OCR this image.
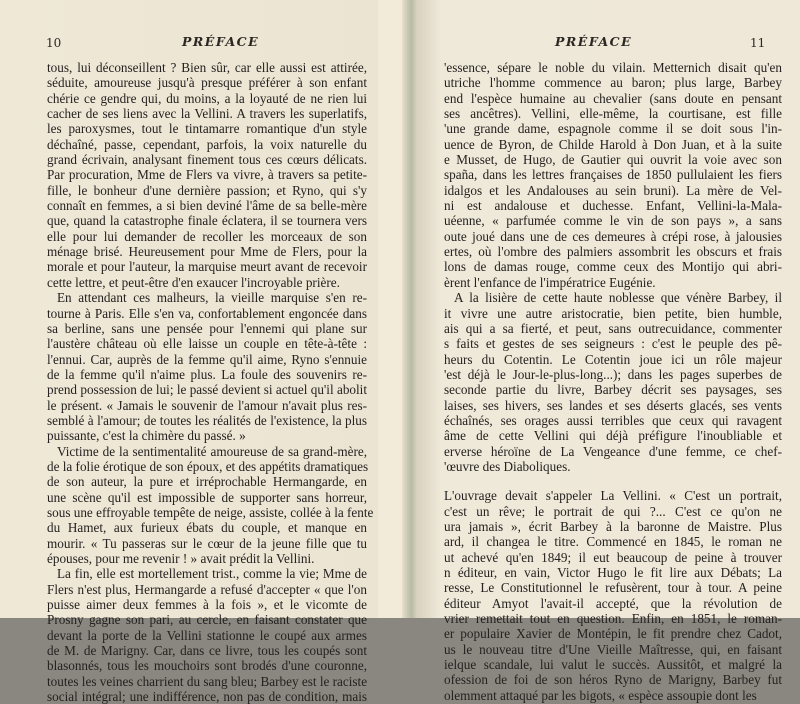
10	PRÉFACE
tous, lui déconseillent ? Bien sûr, car elle aussi est attirée,
séduite, amoureuse jusqu'à presque préférer à son enfant
chérie ce gendre qui, du moins, a la loyauté de ne rien lui
cacher de ses liens avec la Vellini. A travers les superlatifs,
les paroxysmes, tout le tintamarre romantique d'un style
déchaîné, passe, cependant, parfois, la voix naturelle du
grand écrivain, analysant finement tous ces cœurs délicats.
Par procuration, Mme de Flers va vivre, à travers sa petite-
fille, le bonheur d'une dernière passion; et Ryno, qui s'y
connaît en femmes, a si bien deviné l'âme de sa belle-mère
que, quand la catastrophe finale éclatera, il se tournera vers
elle pour lui demander de recoller les morceaux de son
ménage brisé. Heureusement pour Mme de Flers, pour la
morale et pour l'auteur, la marquise meurt avant de recevoir
cette lettre, et peut-être d'en exaucer l'incroyable prière.
En attendant ces malheurs, la vieille marquise s'en re-
tourne à Paris. Elle s'en va, confortablement engoncée dans
sa berline, sans une pensée pour l'ennemi qui plane sur
l'austère château où elle laisse un couple en tête-à-tête :
l'ennui. Car, auprès de la femme qu'il aime, Ryno s'ennuie
de la femme qu'il n'aime plus. La foule des souvenirs re-
prend possession de lui; le passé devient si actuel qu'il abolit
le présent. « Jamais le souvenir de l'amour n'avait plus res-
semblé à l'amour; de toutes les réalités de l'existence, la plus
puissante, c'est la chimère du passé. »
Victime de la sentimentalité amoureuse de sa grand-mère,
de la folie érotique de son époux, et des appétits dramatiques
de son auteur, la pure et irréprochable Hermangarde, en
une scène qu'il est impossible de supporter sans horreur,
sous une effroyable tempête de neige, assiste, collée à la fente
du Hamet, aux furieux ébats du couple, et manque en
mourir. « Tu passeras sur le cœur de la jeune fille que tu
épouses, pour me revenir ! » avait prédit la Vellini.
La fin, elle est mortellement trist., comme la vie; Mme de
Flers n'est plus, Hermangarde a refusé d'accepter « que l'on
puisse aimer deux femmes à la fois », et le vicomte de
Prosny gagne son pari, au cercle, en faisant constater que
devant la porte de la Vellini stationne le coupé aux armes
de M. de Marigny. Car, dans ce livre, tous les coupés sont
blasonnés, tous les mouchoirs sont brodés d'une couronne,
toutes les veines charrient du sang bleu; Barbey est le raciste
social intégral; une indifférence, non pas de condition, mais
PRÉFACE	11
'essence, sépare le noble du vilain. Metternich disait qu'en
utriche l'homme commence au baron; plus large, Barbey
end l'espèce humaine au chevalier (sans doute en pensant
ses ancêtres). Vellini, elle-même, la courtisane, est fille
'une grande dame, espagnole comme il se doit sous l'in-
uence de Byron, de Childe Harold à Don Juan, et à la suite
e Musset, de Hugo, de Gautier qui ouvrit la voie avec son
spaña, dans les lettres françaises de 1850 pullulaient les fiers
idalgos et les Andalouses au sein bruni). La mère de Vel-
ni est andalouse et duchesse. Enfant, Vellini-la-Mala-
uéenne, « parfumée comme le vin de son pays », a sans
oute joué dans une de ces demeures à crépi rose, à jalousies
ertes, où l'ombre des palmiers assombrit les obscurs et frais
lons de damas rouge, comme ceux des Montijo qui abri-
èrent l'enfance de l'impératrice Eugénie.
A la lisière de cette haute noblesse que vénère Barbey, il
it vivre une autre aristocratie, bien petite, bien humble,
ais qui a sa fierté, et peut, sans outrecuidance, commenter
s faits et gestes de ses seigneurs : c'est le peuple des pê-
heurs du Cotentin. Le Cotentin joue ici un rôle majeur
'est déjà le Jour-le-plus-long...); dans les pages superbes de
seconde partie du livre, Barbey décrit ses paysages, ses
laises, ses hivers, ses landes et ses déserts glacés, ses vents
échaînés, ses orages aussi terribles que ceux qui ravagent
âme de cette Vellini qui déjà préfigure l'inoubliable et
erverse héroïne de La Vengeance d'une femme, ce chef-
'œuvre des Diaboliques.
L'ouvrage devait s'appeler La Vellini. « C'est un portrait,
c'est un rêve; le portrait de qui ?... C'est ce qu'on ne
ura jamais », écrit Barbey à la baronne de Maistre. Plus
ard, il changea le titre. Commencé en 1845, le roman ne
ut achevé qu'en 1849; il eut beaucoup de peine à trouver
n éditeur, en vain, Victor Hugo le fit lire aux Débats; La
resse, Le Constitutionnel le refusèrent, tour à tour. A peine
éditeur Amyot l'avait-il accepté, que la révolution de
vrier remettait tout en question. Enfin, en 1851, le roman-
er populaire Xavier de Montépin, le fit prendre chez Cadot,
us le nouveau titre d'Une Vieille Maîtresse, qui, en faisant
ielque scandale, lui valut le succès. Aussitôt, et malgré la
ofession de foi de son héros Ryno de Marigny, Barbey fut
olemment attaqué par les bigots, « espèce assoupie dont les
